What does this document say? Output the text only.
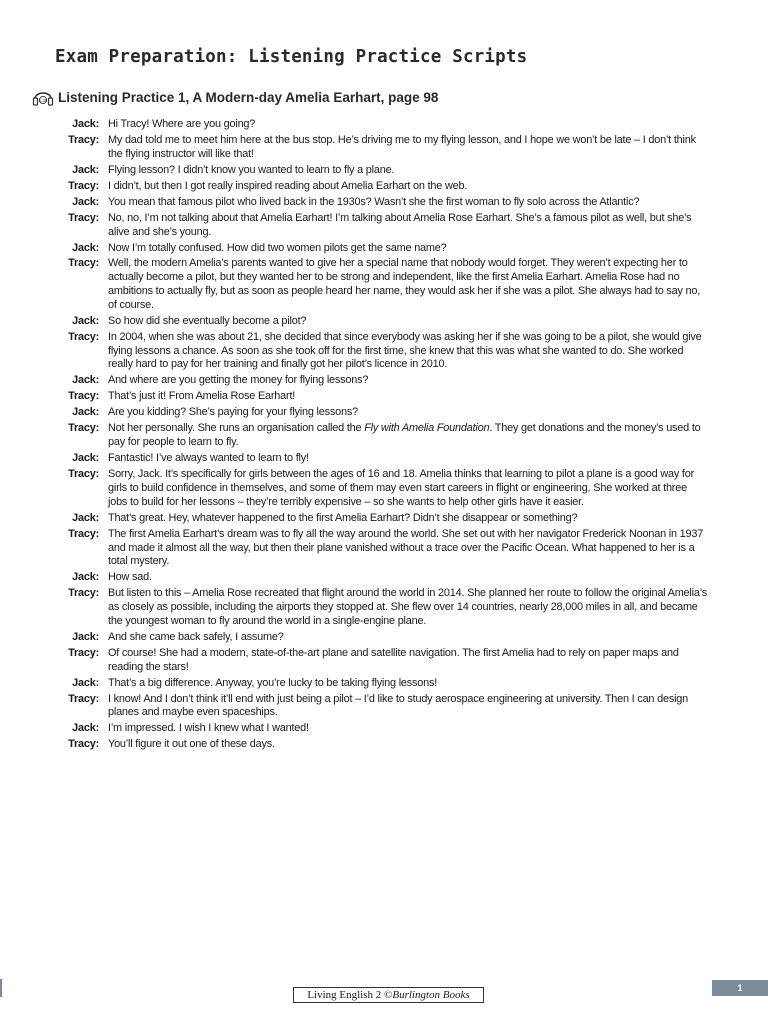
Exam Preparation: Listening Practice Scripts
1.35 Listening Practice 1, A Modern-day Amelia Earhart, page 98
Jack: Hi Tracy! Where are you going?
Tracy: My dad told me to meet him here at the bus stop. He’s driving me to my flying lesson, and I hope we won’t be late – I don’t think the flying instructor will like that!
Jack: Flying lesson? I didn’t know you wanted to learn to fly a plane.
Tracy: I didn’t, but then I got really inspired reading about Amelia Earhart on the web.
Jack: You mean that famous pilot who lived back in the 1930s? Wasn’t she the first woman to fly solo across the Atlantic?
Tracy: No, no, I’m not talking about that Amelia Earhart! I’m talking about Amelia Rose Earhart. She’s a famous pilot as well, but she’s alive and she’s young.
Jack: Now I’m totally confused. How did two women pilots get the same name?
Tracy: Well, the modern Amelia’s parents wanted to give her a special name that nobody would forget. They weren’t expecting her to actually become a pilot, but they wanted her to be strong and independent, like the first Amelia Earhart. Amelia Rose had no ambitions to actually fly, but as soon as people heard her name, they would ask her if she was a pilot. She always had to say no, of course.
Jack: So how did she eventually become a pilot?
Tracy: In 2004, when she was about 21, she decided that since everybody was asking her if she was going to be a pilot, she would give flying lessons a chance. As soon as she took off for the first time, she knew that this was what she wanted to do. She worked really hard to pay for her training and finally got her pilot’s licence in 2010.
Jack: And where are you getting the money for flying lessons?
Tracy: That’s just it! From Amelia Rose Earhart!
Jack: Are you kidding? She’s paying for your flying lessons?
Tracy: Not her personally. She runs an organisation called the Fly with Amelia Foundation. They get donations and the money’s used to pay for people to learn to fly.
Jack: Fantastic! I’ve always wanted to learn to fly!
Tracy: Sorry, Jack. It’s specifically for girls between the ages of 16 and 18. Amelia thinks that learning to pilot a plane is a good way for girls to build confidence in themselves, and some of them may even start careers in flight or engineering. She worked at three jobs to build for her lessons – they’re terribly expensive – so she wants to help other girls have it easier.
Jack: That’s great. Hey, whatever happened to the first Amelia Earhart? Didn’t she disappear or something?
Tracy: The first Amelia Earhart’s dream was to fly all the way around the world. She set out with her navigator Frederick Noonan in 1937 and made it almost all the way, but then their plane vanished without a trace over the Pacific Ocean. What happened to her is a total mystery.
Jack: How sad.
Tracy: But listen to this – Amelia Rose recreated that flight around the world in 2014. She planned her route to follow the original Amelia’s as closely as possible, including the airports they stopped at. She flew over 14 countries, nearly 28,000 miles in all, and became the youngest woman to fly around the world in a single-engine plane.
Jack: And she came back safely, I assume?
Tracy: Of course! She had a modern, state-of-the-art plane and satellite navigation. The first Amelia had to rely on paper maps and reading the stars!
Jack: That’s a big difference. Anyway, you’re lucky to be taking flying lessons!
Tracy: I know! And I don’t think it’ll end with just being a pilot – I’d like to study aerospace engineering at university. Then I can design planes and maybe even spaceships.
Jack: I’m impressed. I wish I knew what I wanted!
Tracy: You’ll figure it out one of these days.
Living English 2 ©Burlington Books
1
